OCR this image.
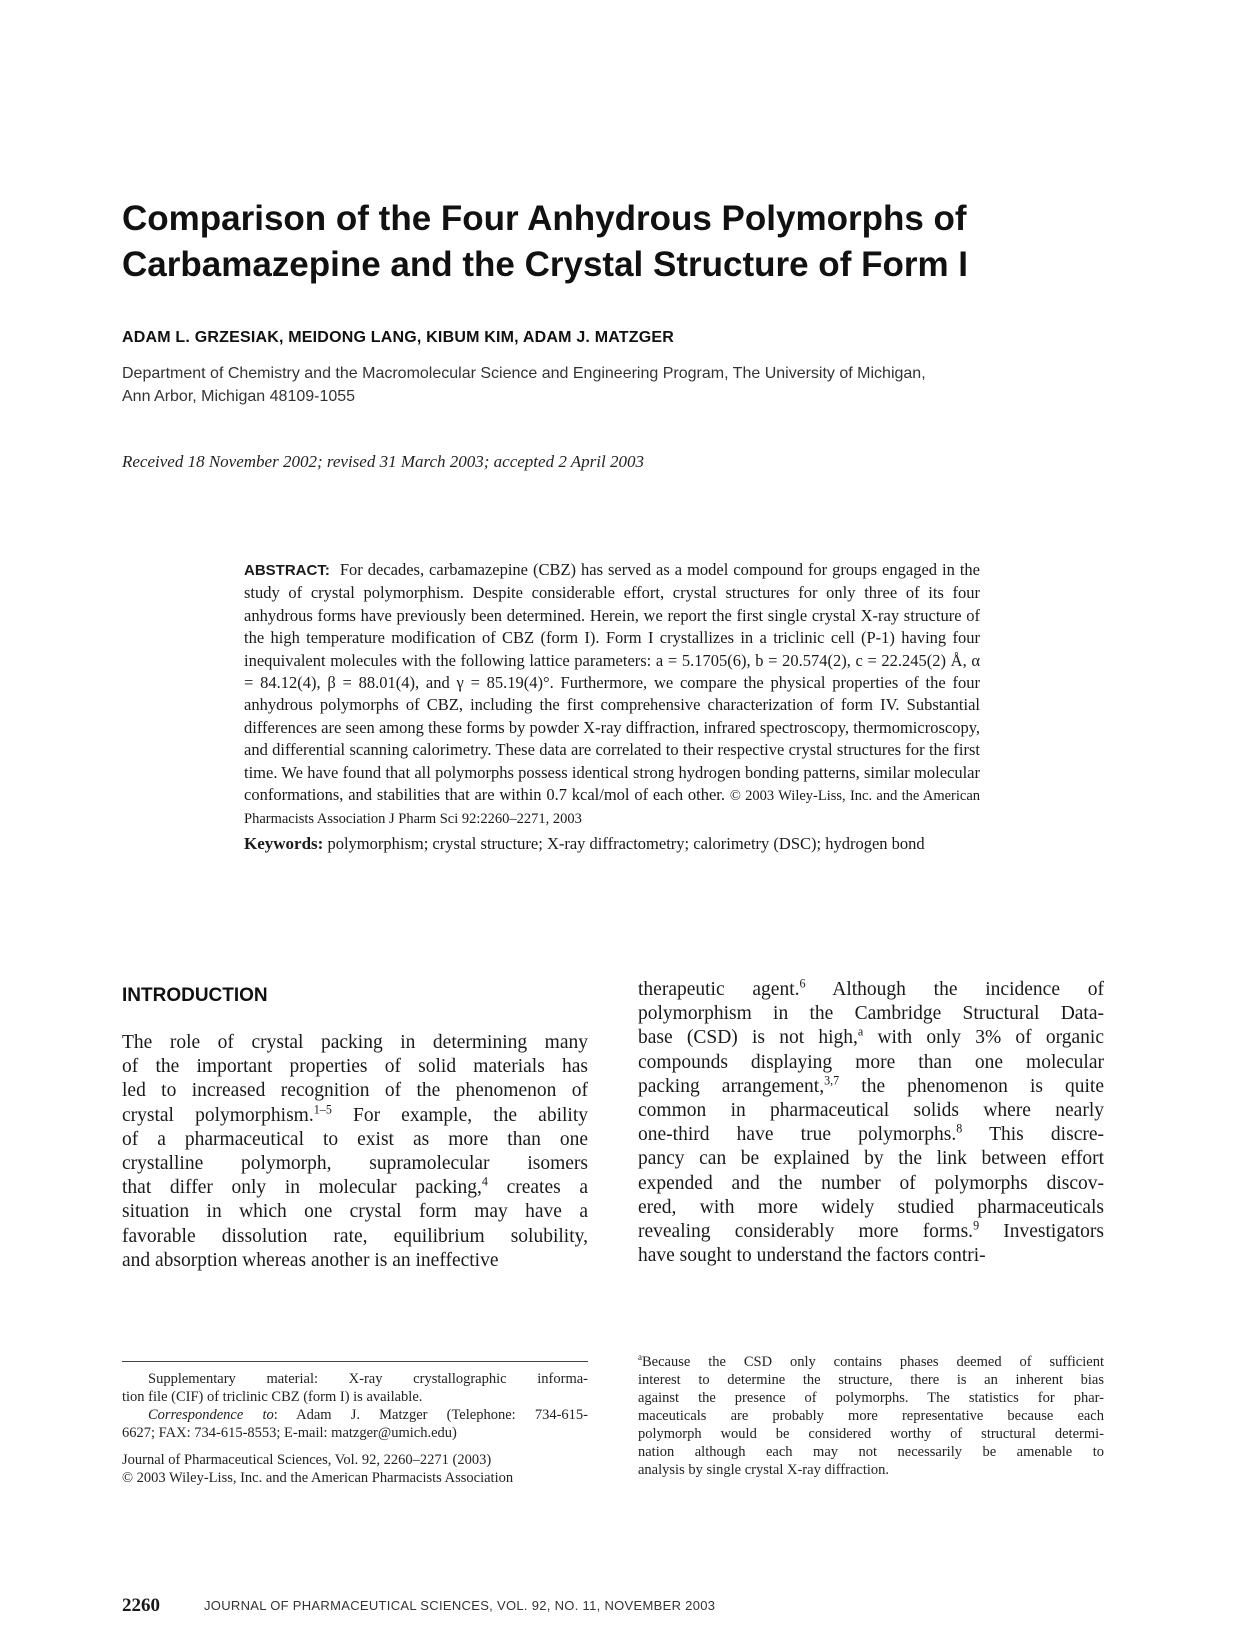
Comparison of the Four Anhydrous Polymorphs of
Carbamazepine and the Crystal Structure of Form I

ADAM L. GRZESIAK, MEIDONG LANG, KIBUM KIM, ADAM J. MATZGER

Department of Chemistry and the Macromolecular Science and Engineering Program, The University of Michigan,
Ann Arbor, Michigan 48109-1055
Received 18 November 2002; revised 31 March 2003; accepted 2 April 2003

ABSTRACT: For decades, carbamazepine (CBZ) has served as a model compound for groups engaged in the study of crystal polymorphism. Despite considerable effort, crystal structures for only three of its four anhydrous forms have previously been determined. Herein, we report the first single crystal X-ray structure of the high temperature modification of CBZ (form I). Form I crystallizes in a triclinic cell (P-1) having four inequivalent molecules with the following lattice parameters: a = 5.1705(6), b = 20.574(2), c = 22.245(2) Å, α = 84.12(4), β = 88.01(4), and γ = 85.19(4)°. Furthermore, we compare the physical properties of the four anhydrous polymorphs of CBZ, including the first comprehensive characterization of form IV. Substantial differences are seen among these forms by powder X-ray diffraction, infrared spectroscopy, thermomicroscopy, and differential scanning calorimetry. These data are correlated to their respective crystal structures for the first time. We have found that all polymorphs possess identical strong hydrogen bonding patterns, similar molecular conformations, and stabilities that are within 0.7 kcal/mol of each other. © 2003 Wiley-Liss, Inc. and the American Pharmacists Association J Pharm Sci 92:2260–2271, 2003

Keywords: polymorphism; crystal structure; X-ray diffractometry; calorimetry (DSC); hydrogen bond

INTRODUCTION
The role of crystal packing in determining many
of the important properties of solid materials has
led to increased recognition of the phenomenon of
crystal polymorphism.$^{1-5}$ For example, the ability
of a pharmaceutical to exist as more than one
crystalline polymorph, supramolecular isomers
that differ only in molecular packing,$^4$ creates a
situation in which one crystal form may have a
favorable dissolution rate, equilibrium solubility,
and absorption whereas another is an ineffective
therapeutic agent.$^6$ Although the incidence of
polymorphism in the Cambridge Structural Data-
base (CSD) is not high,$^a$ with only 3% of organic
compounds displaying more than one molecular
packing arrangement,$^{3,7}$ the phenomenon is quite
common in pharmaceutical solids where nearly
one-third have true polymorphs.$^8$ This discre-
pancy can be explained by the link between effort
expended and the number of polymorphs discov-
ered, with more widely studied pharmaceuticals
revealing considerably more forms.$^9$ Investigators
have sought to understand the factors contri-
Supplementary material: X-ray crystallographic informa-
tion file (CIF) of triclinic CBZ (form I) is available.
Correspondence to: Adam J. Matzger (Telephone: 734-615-
6627; FAX: 734-615-8553; E-mail: matzger@umich.edu)
Journal of Pharmaceutical Sciences, Vol. 92, 2260–2271 (2003)
© 2003 Wiley-Liss, Inc. and the American Pharmacists Association
$^a$Because the CSD only contains phases deemed of sufficient
interest to determine the structure, there is an inherent bias
against the presence of polymorphs. The statistics for phar-
maceuticals are probably more representative because each
polymorph would be considered worthy of structural determi-
nation although each may not necessarily be amenable to
analysis by single crystal X-ray diffraction.
2260	JOURNAL OF PHARMACEUTICAL SCIENCES, VOL. 92, NO. 11, NOVEMBER 2003
